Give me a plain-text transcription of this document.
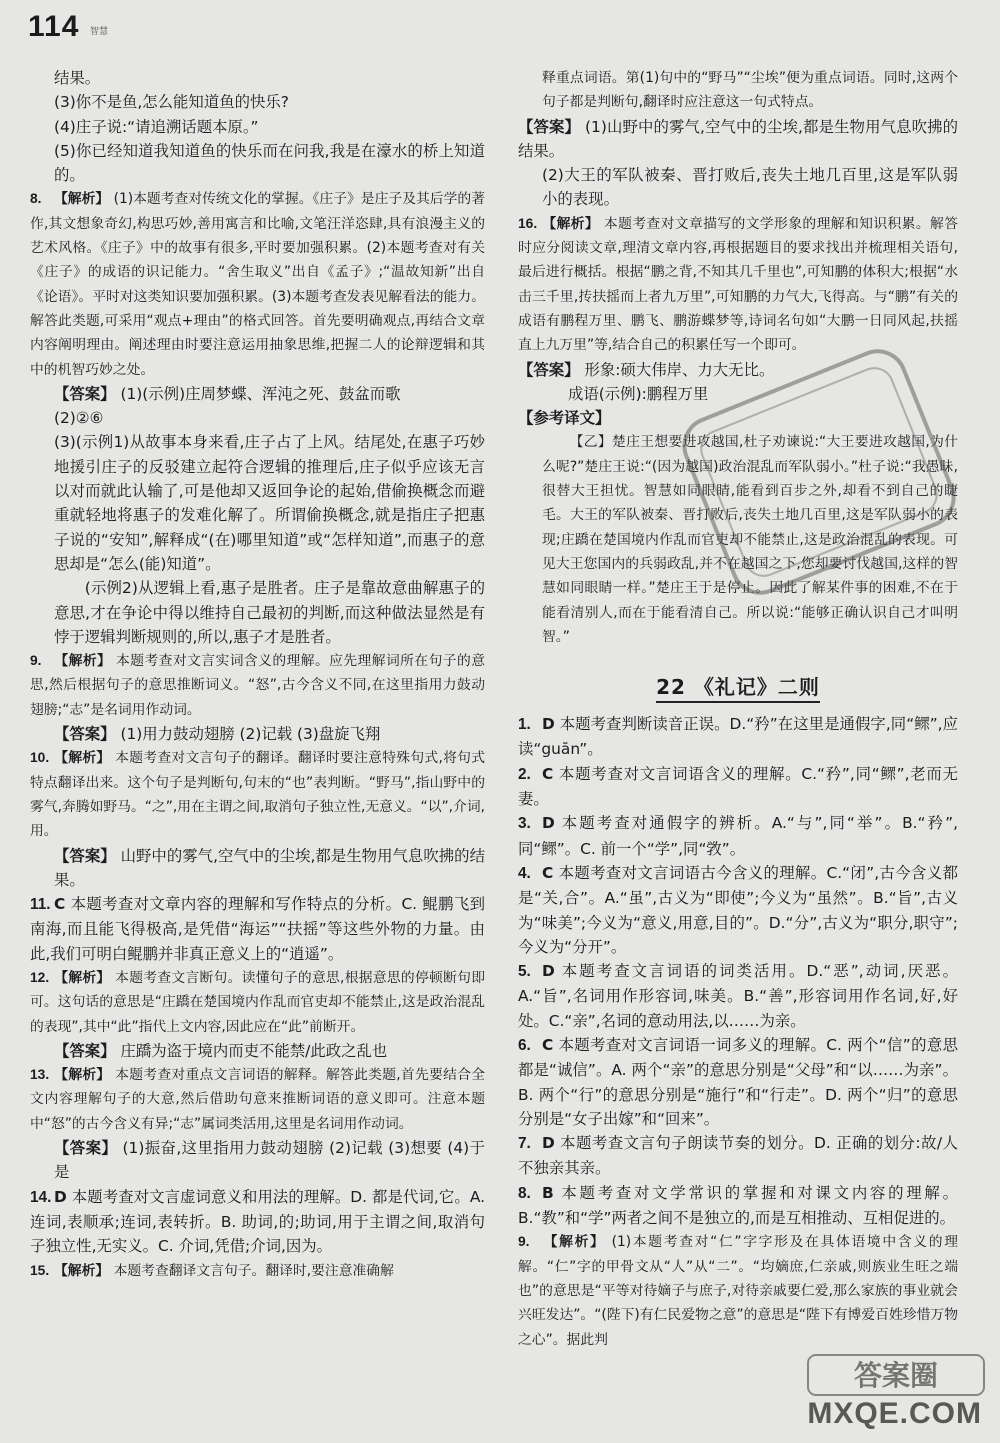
114 智慧

结果。

(3)你不是鱼,怎么能知道鱼的快乐?

(4)庄子说:“请追溯话题本原。”

(5)你已经知道我知道鱼的快乐而在问我,我是在濠水的桥上知道的。

8. 【解析】 (1)本题考查对传统文化的掌握。《庄子》是庄子及其后学的著作,其文想象奇幻,构思巧妙,善用寓言和比喻,文笔汪洋恣肆,具有浪漫主义的艺术风格。《庄子》中的故事有很多,平时要加强积累。(2)本题考查对有关《庄子》的成语的识记能力。“舍生取义”出自《孟子》;“温故知新”出自《论语》。平时对这类知识要加强积累。(3)本题考查发表见解看法的能力。解答此类题,可采用“观点+理由”的格式回答。首先要明确观点,再结合文章内容阐明理由。阐述理由时要注意运用抽象思维,把握二人的论辩逻辑和其中的机智巧妙之处。

【答案】 (1)(示例)庄周梦蝶、浑沌之死、鼓盆而歌

(2)②⑥

(3)(示例1)从故事本身来看,庄子占了上风。结尾处,在惠子巧妙地援引庄子的反驳建立起符合逻辑的推理后,庄子似乎应该无言以对而就此认输了,可是他却又返回争论的起始,借偷换概念而避重就轻地将惠子的发难化解了。所谓偷换概念,就是指庄子把惠子说的“安知”,解释成“(在)哪里知道”或“怎样知道”,而惠子的意思却是“怎么(能)知道”。

(示例2)从逻辑上看,惠子是胜者。庄子是靠故意曲解惠子的意思,才在争论中得以维持自己最初的判断,而这种做法显然是有悖于逻辑判断规则的,所以,惠子才是胜者。

9. 【解析】 本题考查对文言实词含义的理解。应先理解词所在句子的意思,然后根据句子的意思推断词义。“怒”,古今含义不同,在这里指用力鼓动翅膀;“志”是名词用作动词。

【答案】 (1)用力鼓动翅膀 (2)记载 (3)盘旋飞翔

10. 【解析】 本题考查对文言句子的翻译。翻译时要注意特殊句式,将句式特点翻译出来。这个句子是判断句,句末的“也”表判断。“野马”,指山野中的雾气,奔腾如野马。“之”,用在主谓之间,取消句子独立性,无意义。“以”,介词,用。

【答案】 山野中的雾气,空气中的尘埃,都是生物用气息吹拂的结果。

11. C 本题考查对文章内容的理解和写作特点的分析。C. 鲲鹏飞到南海,而且能飞得极高,是凭借“海运”“扶摇”等这些外物的力量。由此,我们可明白鲲鹏并非真正意义上的“逍遥”。

12. 【解析】 本题考查文言断句。读懂句子的意思,根据意思的停顿断句即可。这句话的意思是“庄蹻在楚国境内作乱而官吏却不能禁止,这是政治混乱的表现”,其中“此”指代上文内容,因此应在“此”前断开。

【答案】 庄蹻为盗于境内而吏不能禁/此政之乱也

13. 【解析】 本题考查对重点文言词语的解释。解答此类题,首先要结合全文内容理解句子的大意,然后借助句意来推断词语的意义即可。注意本题中“怒”的古今含义有异;“志”属词类活用,这里是名词用作动词。

【答案】 (1)振奋,这里指用力鼓动翅膀 (2)记载 (3)想要 (4)于是

14. D 本题考查对文言虚词意义和用法的理解。D. 都是代词,它。A. 连词,表顺承;连词,表转折。B. 助词,的;助词,用于主谓之间,取消句子独立性,无实义。C. 介词,凭借;介词,因为。

15. 【解析】 本题考查翻译文言句子。翻译时,要注意准确解

释重点词语。第(1)句中的“野马”“尘埃”便为重点词语。同时,这两个句子都是判断句,翻译时应注意这一句式特点。

【答案】 (1)山野中的雾气,空气中的尘埃,都是生物用气息吹拂的结果。

(2)大王的军队被秦、晋打败后,丧失土地几百里,这是军队弱小的表现。

16. 【解析】 本题考查对文章描写的文学形象的理解和知识积累。解答时应分阅读文章,理清文章内容,再根据题目的要求找出并梳理相关语句,最后进行概括。根据“鹏之背,不知其几千里也”,可知鹏的体积大;根据“水击三千里,抟扶摇而上者九万里”,可知鹏的力气大,飞得高。与“鹏”有关的成语有鹏程万里、鹏飞、鹏游蝶梦等,诗词名句如“大鹏一日同风起,扶摇直上九万里”等,结合自己的积累任写一个即可。

【答案】 形象:硕大伟岸、力大无比。

成语(示例):鹏程万里

【参考译文】

【乙】楚庄王想要进攻越国,杜子劝谏说:“大王要进攻越国,为什么呢?”楚庄王说:“(因为越国)政治混乱而军队弱小。”杜子说:“我愚昧,很替大王担忧。智慧如同眼睛,能看到百步之外,却看不到自己的睫毛。大王的军队被秦、晋打败后,丧失土地几百里,这是军队弱小的表现;庄蹻在楚国境内作乱而官吏却不能禁止,这是政治混乱的表现。可见大王您国内的兵弱政乱,并不在越国之下,您却要讨伐越国,这样的智慧如同眼睛一样。”楚庄王于是停止。因此了解某件事的困难,不在于能看清别人,而在于能看清自己。所以说:“能够正确认识自己才叫明智。”

22 《礼记》二则

1. D 本题考查判断读音正误。D.“矜”在这里是通假字,同“鳏”,应读“guān”。

2. C 本题考查对文言词语含义的理解。C.“矜”,同“鳏”,老而无妻。

3. D 本题考查对通假字的辨析。A.“与”,同“举”。B.“矜”,同“鳏”。C. 前一个“学”,同“敩”。

4. C 本题考查对文言词语古今含义的理解。C.“闭”,古今含义都是“关,合”。A.“虽”,古义为“即使”;今义为“虽然”。B.“旨”,古义为“味美”;今义为“意义,用意,目的”。D.“分”,古义为“职分,职守”;今义为“分开”。

5. D 本题考查文言词语的词类活用。D.“恶”,动词,厌恶。A.“旨”,名词用作形容词,味美。B.“善”,形容词用作名词,好,好处。C.“亲”,名词的意动用法,以……为亲。

6. C 本题考查对文言词语一词多义的理解。C. 两个“信”的意思都是“诚信”。A. 两个“亲”的意思分别是“父母”和“以……为亲”。B. 两个“行”的意思分别是“施行”和“行走”。D. 两个“归”的意思分别是“女子出嫁”和“回来”。

7. D 本题考查文言句子朗读节奏的划分。D. 正确的划分:故/人不独亲其亲。

8. B 本题考查对文学常识的掌握和对课文内容的理解。B.“教”和“学”两者之间不是独立的,而是互相推动、互相促进的。

9. 【解析】 (1)本题考查对“仁”字字形及在具体语境中含义的理解。“仁”字的甲骨文从“人”从“二”。“均嫡庶,仁亲戚,则族业生旺之端也”的意思是“平等对待嫡子与庶子,对待亲戚要仁爱,那么家族的事业就会兴旺发达”。“(陛下)有仁民爱物之意”的意思是“陛下有博爱百姓珍惜万物之心”。据此判

答案圈
MXQE.COM
